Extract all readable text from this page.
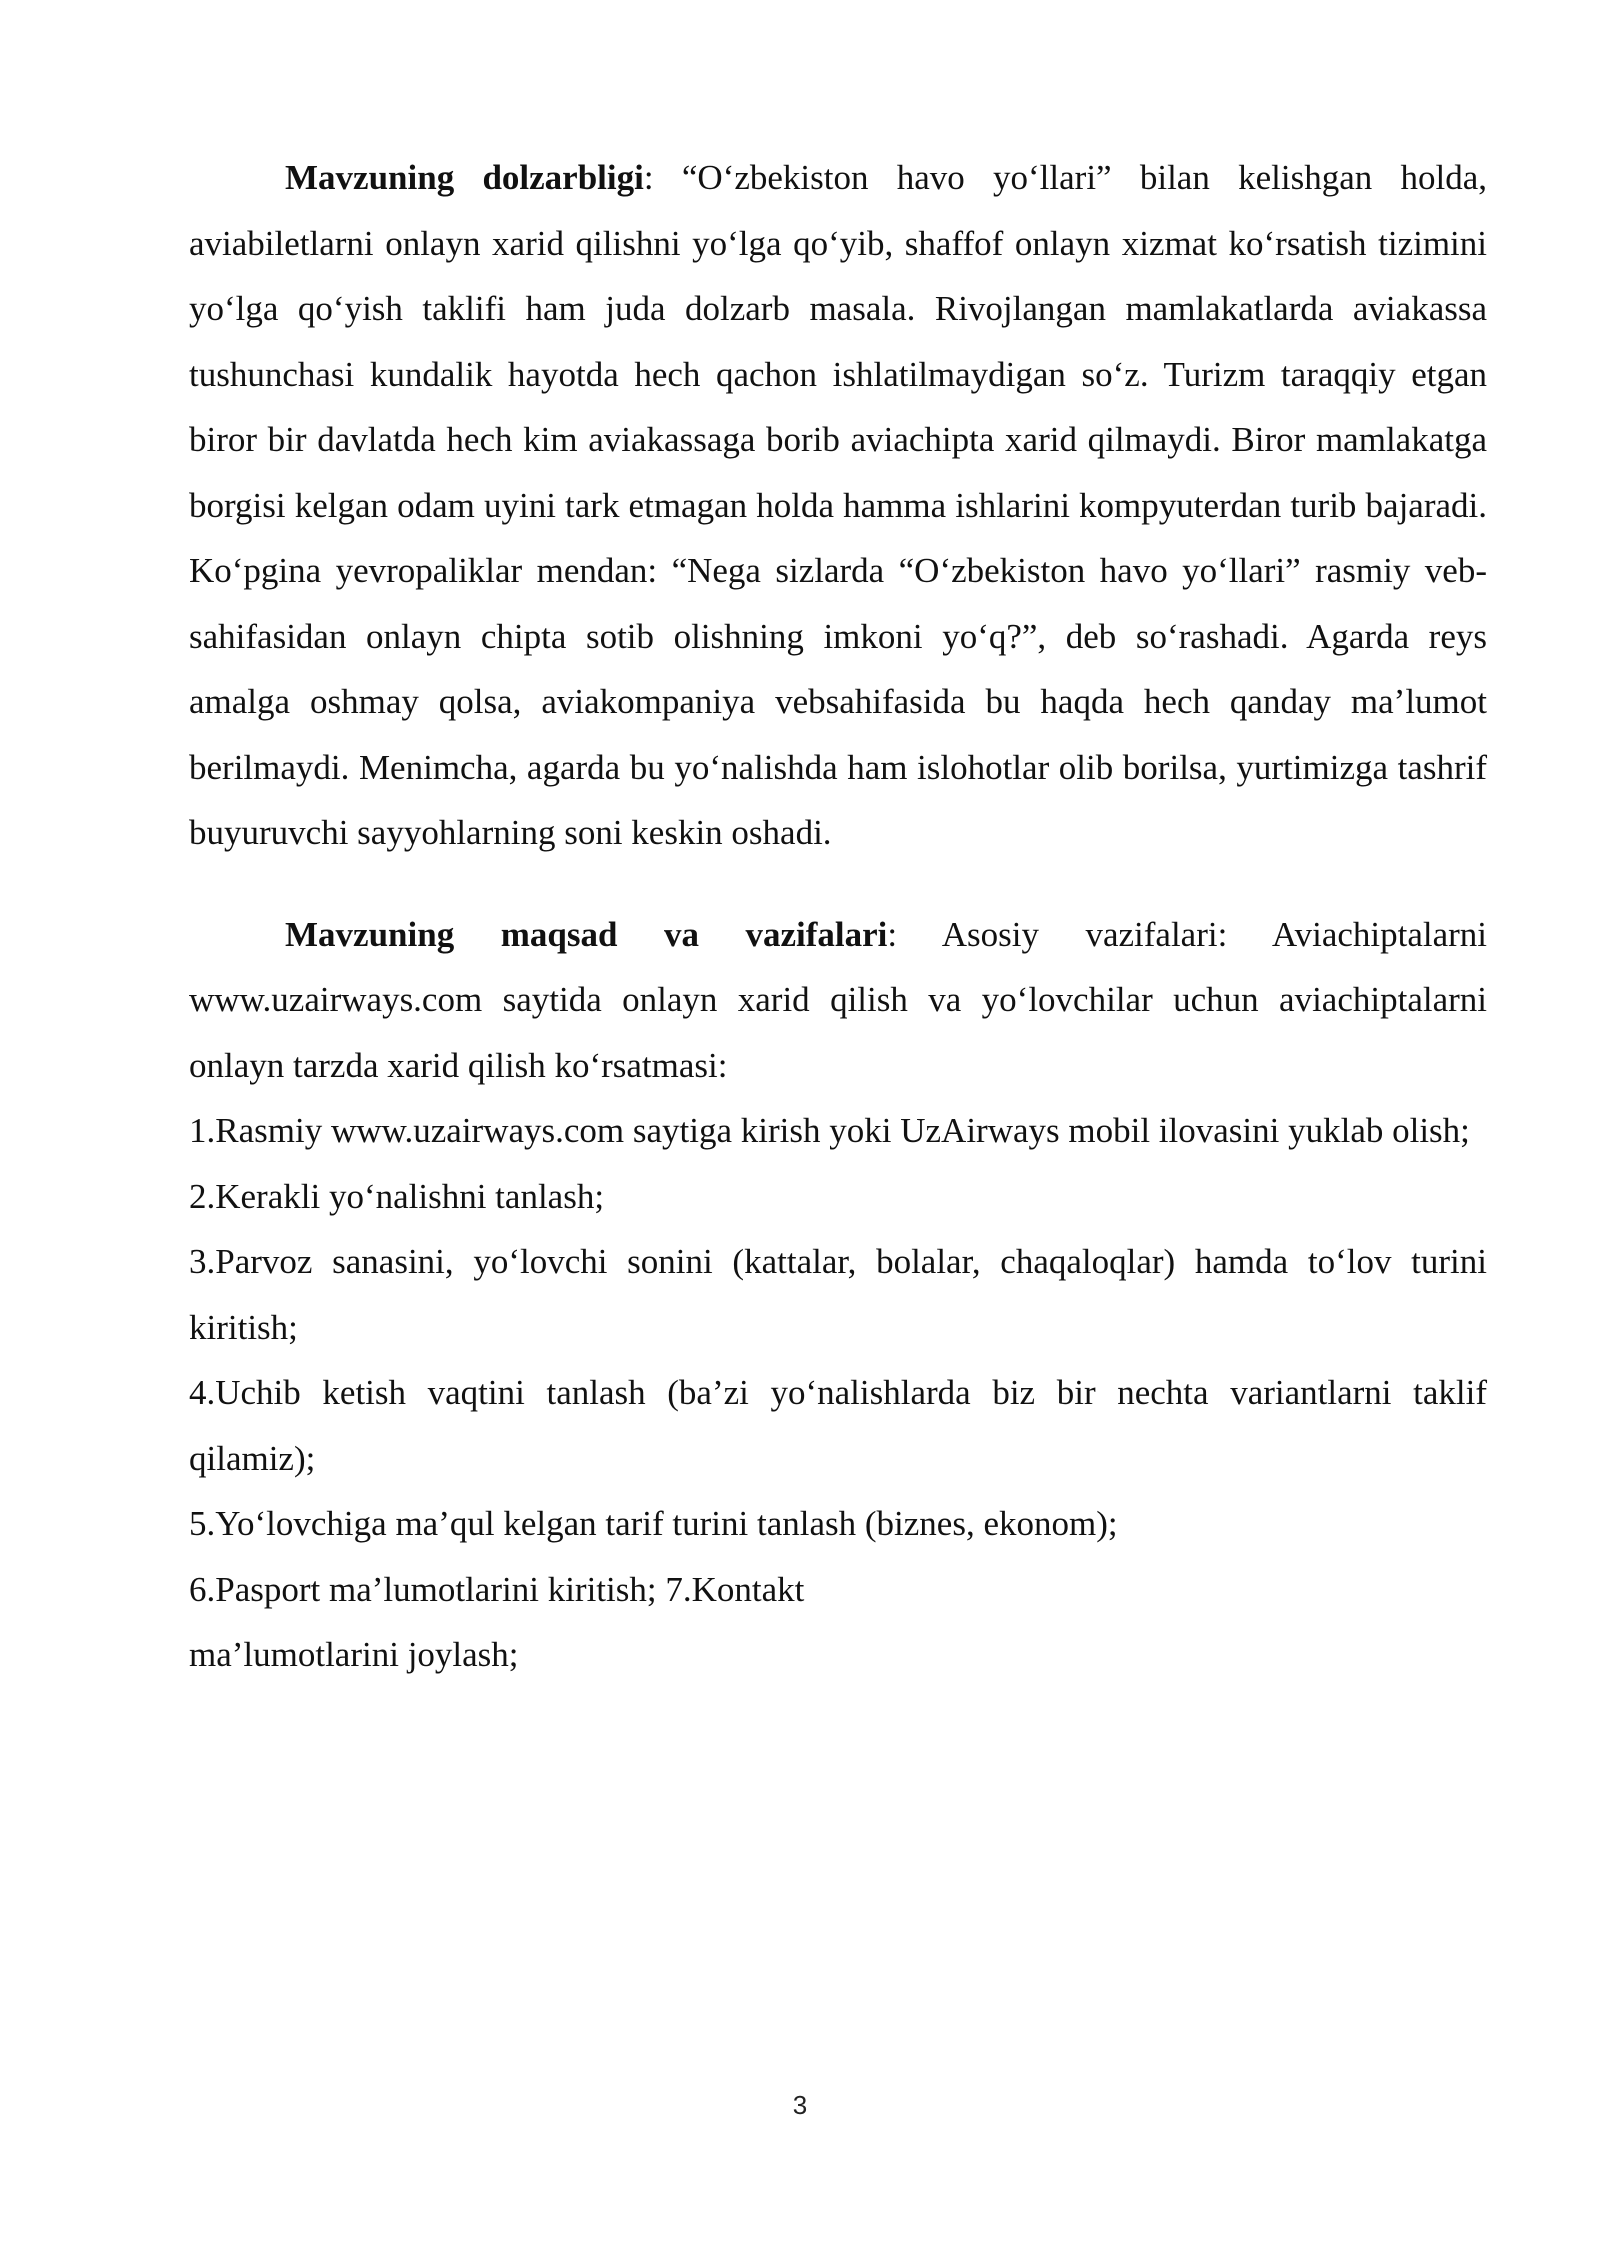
Mavzuning dolzarbligi: “O‘zbekiston havo yo‘llari” bilan kelishgan holda, aviabiletlarni onlayn xarid qilishni yo‘lga qo‘yib, shaffof onlayn xizmat ko‘rsatish tizimini yo‘lga qo‘yish taklifi ham juda dolzarb masala. Rivojlangan mamlakatlarda aviakassa tushunchasi kundalik hayotda hech qachon ishlatilmaydigan so‘z. Turizm taraqqiy etgan biror bir davlatda hech kim aviakassaga borib aviachipta xarid qilmaydi. Biror mamlakatga borgisi kelgan odam uyini tark etmagan holda hamma ishlarini kompyuterdan turib bajaradi. Ko‘pgina yevropaliklar mendan: “Nega sizlarda “O‘zbekiston havo yo‘llari” rasmiy veb-sahifasidan onlayn chipta sotib olishning imkoni yo‘q?”, deb so‘rashadi. Agarda reys amalga oshmay qolsa, aviakompaniya vebsahifasida bu haqda hech qanday ma’lumot berilmaydi. Menimcha, agarda bu yo‘nalishda ham islohotlar olib borilsa, yurtimizga tashrif buyuruvchi sayyohlarning soni keskin oshadi.

Mavzuning maqsad va vazifalari: Asosiy vazifalari: Aviachiptalarni www.uzairways.com saytida onlayn xarid qilish va yo‘lovchilar uchun aviachiptalarni onlayn tarzda xarid qilish ko‘rsatmasi:

1.Rasmiy www.uzairways.com saytiga kirish yoki UzAirways mobil ilovasini yuklab olish;

2.Kerakli yo‘nalishni tanlash;

3.Parvoz sanasini, yo‘lovchi sonini (kattalar, bolalar, chaqaloqlar) hamda to‘lov turini kiritish;

4.Uchib ketish vaqtini tanlash (ba’zi yo‘nalishlarda biz bir nechta variantlarni taklif qilamiz);

5.Yo‘lovchiga ma’qul kelgan tarif turini tanlash (biznes, ekonom);

6.Pasport ma’lumotlarini kiritish; 7.Kontakt

ma’lumotlarini joylash;

3
